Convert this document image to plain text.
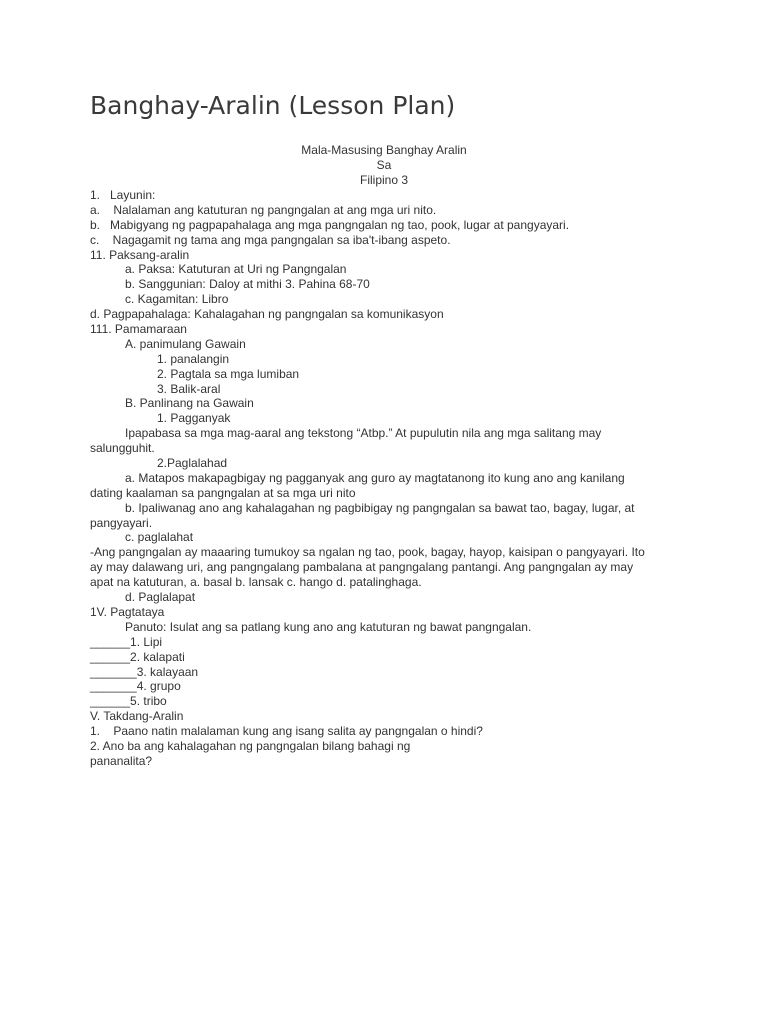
Banghay-Aralin (Lesson Plan)
Mala-Masusing Banghay Aralin
Sa
Filipino 3
1.   Layunin:
a.    Nalalaman ang katuturan ng pangngalan at ang mga uri nito.
b.   Mabigyang ng pagpapahalaga ang mga pangngalan ng tao, pook, lugar at pangyayari.
c.    Nagagamit ng tama ang mga pangngalan sa iba't-ibang aspeto.
11. Paksang-aralin
a. Paksa: Katuturan at Uri ng Pangngalan
b. Sanggunian: Daloy at mithi 3. Pahina 68-70
c. Kagamitan: Libro
d. Pagpapahalaga: Kahalagahan ng pangngalan sa komunikasyon
111. Pamamaraan
A. panimulang Gawain
1. panalangin
2. Pagtala sa mga lumiban
3. Balik-aral
B. Panlinang na Gawain
1. Pagganyak
Ipapabasa sa mga mag-aaral ang tekstong “Atbp.” At pupulutin nila ang mga salitang may
salungguhit.
2.Paglalahad
a. Matapos makapagbigay ng pagganyak ang guro ay magtatanong ito kung ano ang kanilang
dating kaalaman sa pangngalan at sa mga uri nito
b. Ipaliwanag ano ang kahalagahan ng pagbibigay ng pangngalan sa bawat tao, bagay, lugar, at
pangyayari.
c. paglalahat
-Ang pangngalan ay maaaring tumukoy sa ngalan ng tao, pook, bagay, hayop, kaisipan o pangyayari. Ito
ay may dalawang uri, ang pangngalang pambalana at pangngalang pantangi. Ang pangngalan ay may
apat na katuturan, a. basal b. lansak c. hango d. patalinghaga.
d. Paglalapat
1V. Pagtataya
Panuto: Isulat ang sa patlang kung ano ang katuturan ng bawat pangngalan.
______1. Lipi
______2. kalapati
_______3. kalayaan
_______4. grupo
______5. tribo
V. Takdang-Aralin
1.    Paano natin malalaman kung ang isang salita ay pangngalan o hindi?
2. Ano ba ang kahalagahan ng pangngalan bilang bahagi ng
pananalita?
